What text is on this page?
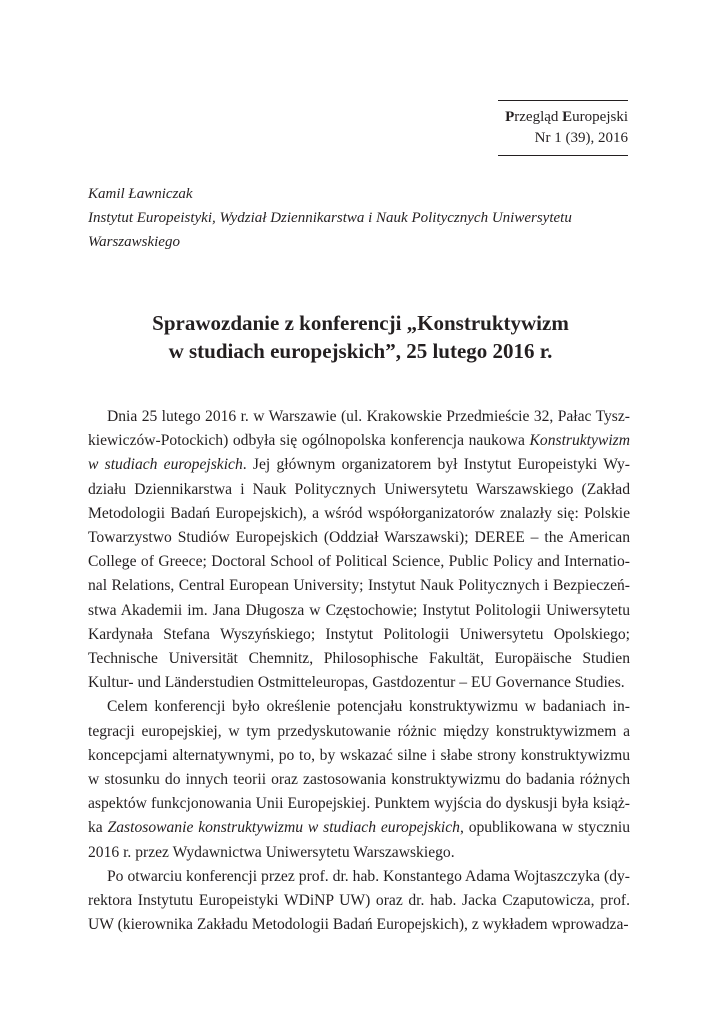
Przegląd Europejski
Nr 1 (39), 2016
Kamil Ławniczak
Instytut Europeistyki, Wydział Dziennikarstwa i Nauk Politycznych Uniwersytetu Warszawskiego
Sprawozdanie z konferencji „Konstruktywizm
w studiach europejskich”, 25 lutego 2016 r.

Dnia 25 lutego 2016 r. w Warszawie (ul. Krakowskie Przedmieście 32, Pałac Tyszkiewiczów-Potockich) odbyła się ogólnopolska konferencja naukowa Konstruktywizm w studiach europejskich. Jej głównym organizatorem był Instytut Europeistyki Wydziału Dziennikarstwa i Nauk Politycznych Uniwersytetu Warszawskiego (Zakład Metodologii Badań Europejskich), a wśród współorganizatorów znalazły się: Polskie Towarzystwo Studiów Europejskich (Oddział Warszawski); DEREE – the American College of Greece; Doctoral School of Political Science, Public Policy and International Relations, Central European University; Instytut Nauk Politycznych i Bezpieczeństwa Akademii im. Jana Długosza w Częstochowie; Instytut Politologii Uniwersytetu Kardynała Stefana Wyszyńskiego; Instytut Politologii Uniwersytetu Opolskiego; Technische Universität Chemnitz, Philosophische Fakultät, Europäische Studien Kultur- und Länderstudien Ostmitteleuropas, Gastdozentur – EU Governance Studies.

Celem konferencji było określenie potencjału konstruktywizmu w badaniach integracji europejskiej, w tym przedyskutowanie różnic między konstruktywizmem a koncepcjami alternatywnymi, po to, by wskazać silne i słabe strony konstruktywizmu w stosunku do innych teorii oraz zastosowania konstruktywizmu do badania różnych aspektów funkcjonowania Unii Europejskiej. Punktem wyjścia do dyskusji była książka Zastosowanie konstruktywizmu w studiach europejskich, opublikowana w styczniu 2016 r. przez Wydawnictwa Uniwersytetu Warszawskiego.

Po otwarciu konferencji przez prof. dr. hab. Konstantego Adama Wojtaszczyka (dyrektora Instytutu Europeistyki WDiNP UW) oraz dr. hab. Jacka Czaputowicza, prof. UW (kierownika Zakładu Metodologii Badań Europejskich), z wykładem wprowadza-
